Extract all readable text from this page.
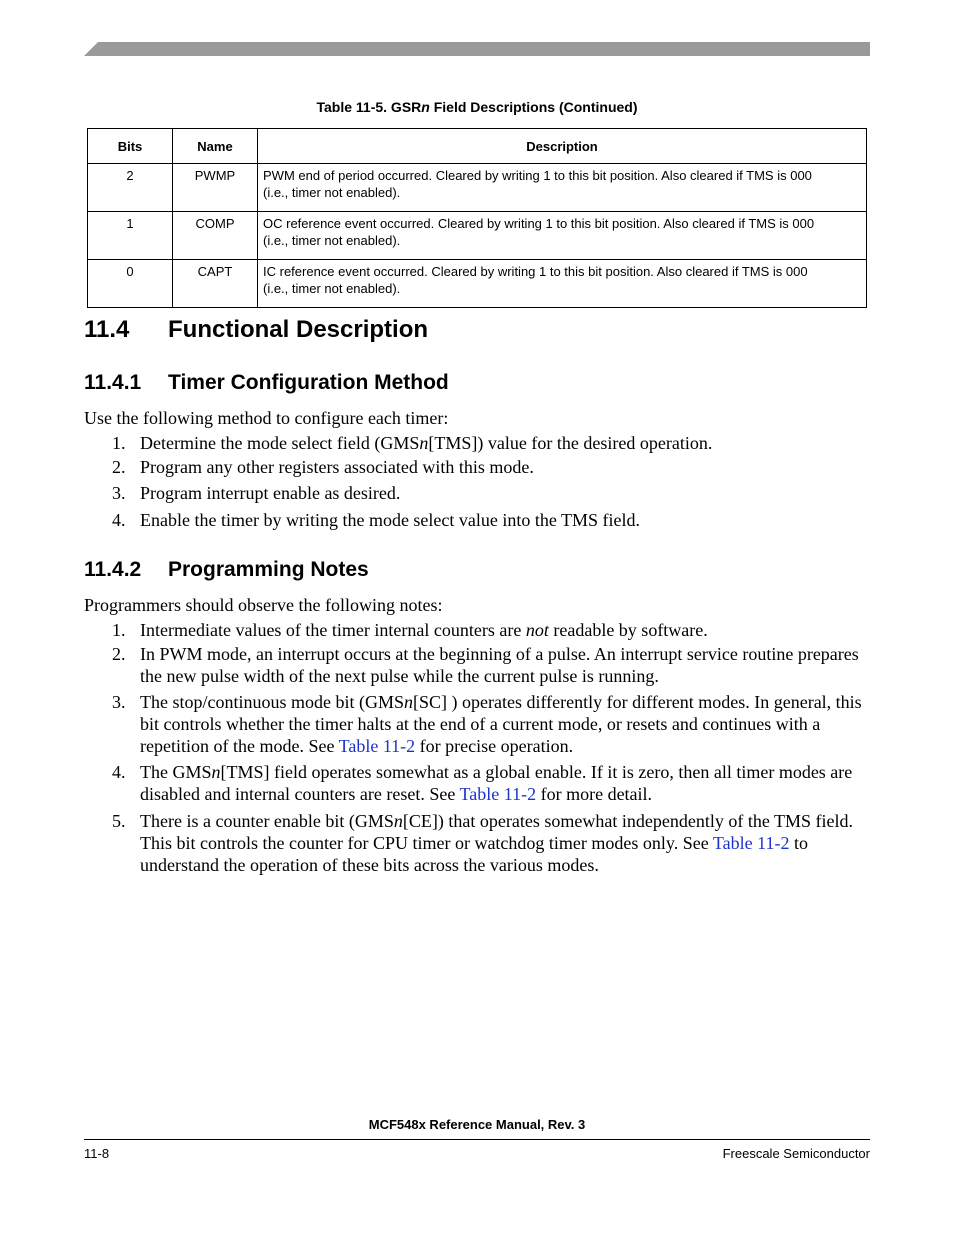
Table 11-5. GSRn Field Descriptions (Continued)
Bits	Name	Description
2	PWMP	PWM end of period occurred. Cleared by writing 1 to this bit position. Also cleared if TMS is 000
(i.e., timer not enabled).
1	COMP	OC reference event occurred. Cleared by writing 1 to this bit position. Also cleared if TMS is 000
(i.e., timer not enabled).
0	CAPT	IC reference event occurred. Cleared by writing 1 to this bit position. Also cleared if TMS is 000
(i.e., timer not enabled).
11.4 Functional Description
11.4.1 Timer Configuration Method
Use the following method to configure each timer:
1. Determine the mode select field (GMSn[TMS]) value for the desired operation.
2. Program any other registers associated with this mode.
3. Program interrupt enable as desired.
4. Enable the timer by writing the mode select value into the TMS field.
11.4.2 Programming Notes
Programmers should observe the following notes:
1. Intermediate values of the timer internal counters are not readable by software.
2. In PWM mode, an interrupt occurs at the beginning of a pulse. An interrupt service routine prepares the new pulse width of the next pulse while the current pulse is running.
3. The stop/continuous mode bit (GMSn[SC] ) operates differently for different modes. In general, this bit controls whether the timer halts at the end of a current mode, or resets and continues with a repetition of the mode. See Table 11-2 for precise operation.
4. The GMSn[TMS] field operates somewhat as a global enable. If it is zero, then all timer modes are disabled and internal counters are reset. See Table 11-2 for more detail.
5. There is a counter enable bit (GMSn[CE]) that operates somewhat independently of the TMS field. This bit controls the counter for CPU timer or watchdog timer modes only. See Table 11-2 to understand the operation of these bits across the various modes.
MCF548x Reference Manual, Rev. 3
11-8	Freescale Semiconductor
